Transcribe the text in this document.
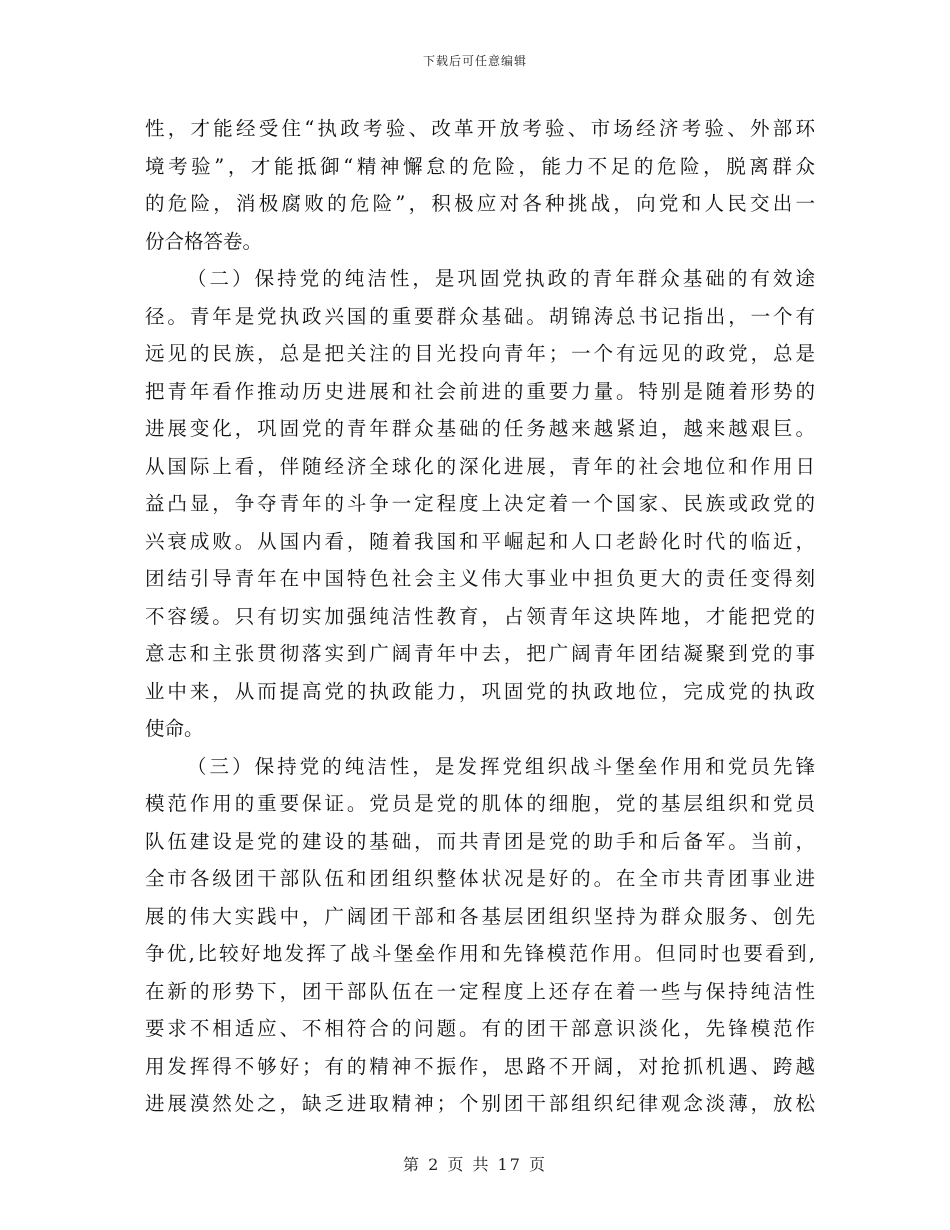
下载后可任意编辑
性，才能经受住“执政考验、改革开放考验、市场经济考验、外部环
境考验”，才能抵御“精神懈怠的危险，能力不足的危险，脱离群众
的危险，消极腐败的危险”，积极应对各种挑战，向党和人民交出一
份合格答卷。
（二）保持党的纯洁性，是巩固党执政的青年群众基础的有效途
径。青年是党执政兴国的重要群众基础。胡锦涛总书记指出，一个有
远见的民族，总是把关注的目光投向青年；一个有远见的政党，总是
把青年看作推动历史进展和社会前进的重要力量。特别是随着形势的
进展变化，巩固党的青年群众基础的任务越来越紧迫，越来越艰巨。
从国际上看，伴随经济全球化的深化进展，青年的社会地位和作用日
益凸显，争夺青年的斗争一定程度上决定着一个国家、民族或政党的
兴衰成败。从国内看，随着我国和平崛起和人口老龄化时代的临近，
团结引导青年在中国特色社会主义伟大事业中担负更大的责任变得刻
不容缓。只有切实加强纯洁性教育，占领青年这块阵地，才能把党的
意志和主张贯彻落实到广阔青年中去，把广阔青年团结凝聚到党的事
业中来，从而提高党的执政能力，巩固党的执政地位，完成党的执政
使命。
（三）保持党的纯洁性，是发挥党组织战斗堡垒作用和党员先锋
模范作用的重要保证。党员是党的肌体的细胞，党的基层组织和党员
队伍建设是党的建设的基础，而共青团是党的助手和后备军。当前，
全市各级团干部队伍和团组织整体状况是好的。在全市共青团事业进
展的伟大实践中，广阔团干部和各基层团组织坚持为群众服务、创先
争优,比较好地发挥了战斗堡垒作用和先锋模范作用。但同时也要看到,
在新的形势下，团干部队伍在一定程度上还存在着一些与保持纯洁性
要求不相适应、不相符合的问题。有的团干部意识淡化，先锋模范作
用发挥得不够好；有的精神不振作，思路不开阔，对抢抓机遇、跨越
进展漠然处之，缺乏进取精神；个别团干部组织纪律观念淡薄，放松
第 2 页 共 17 页
